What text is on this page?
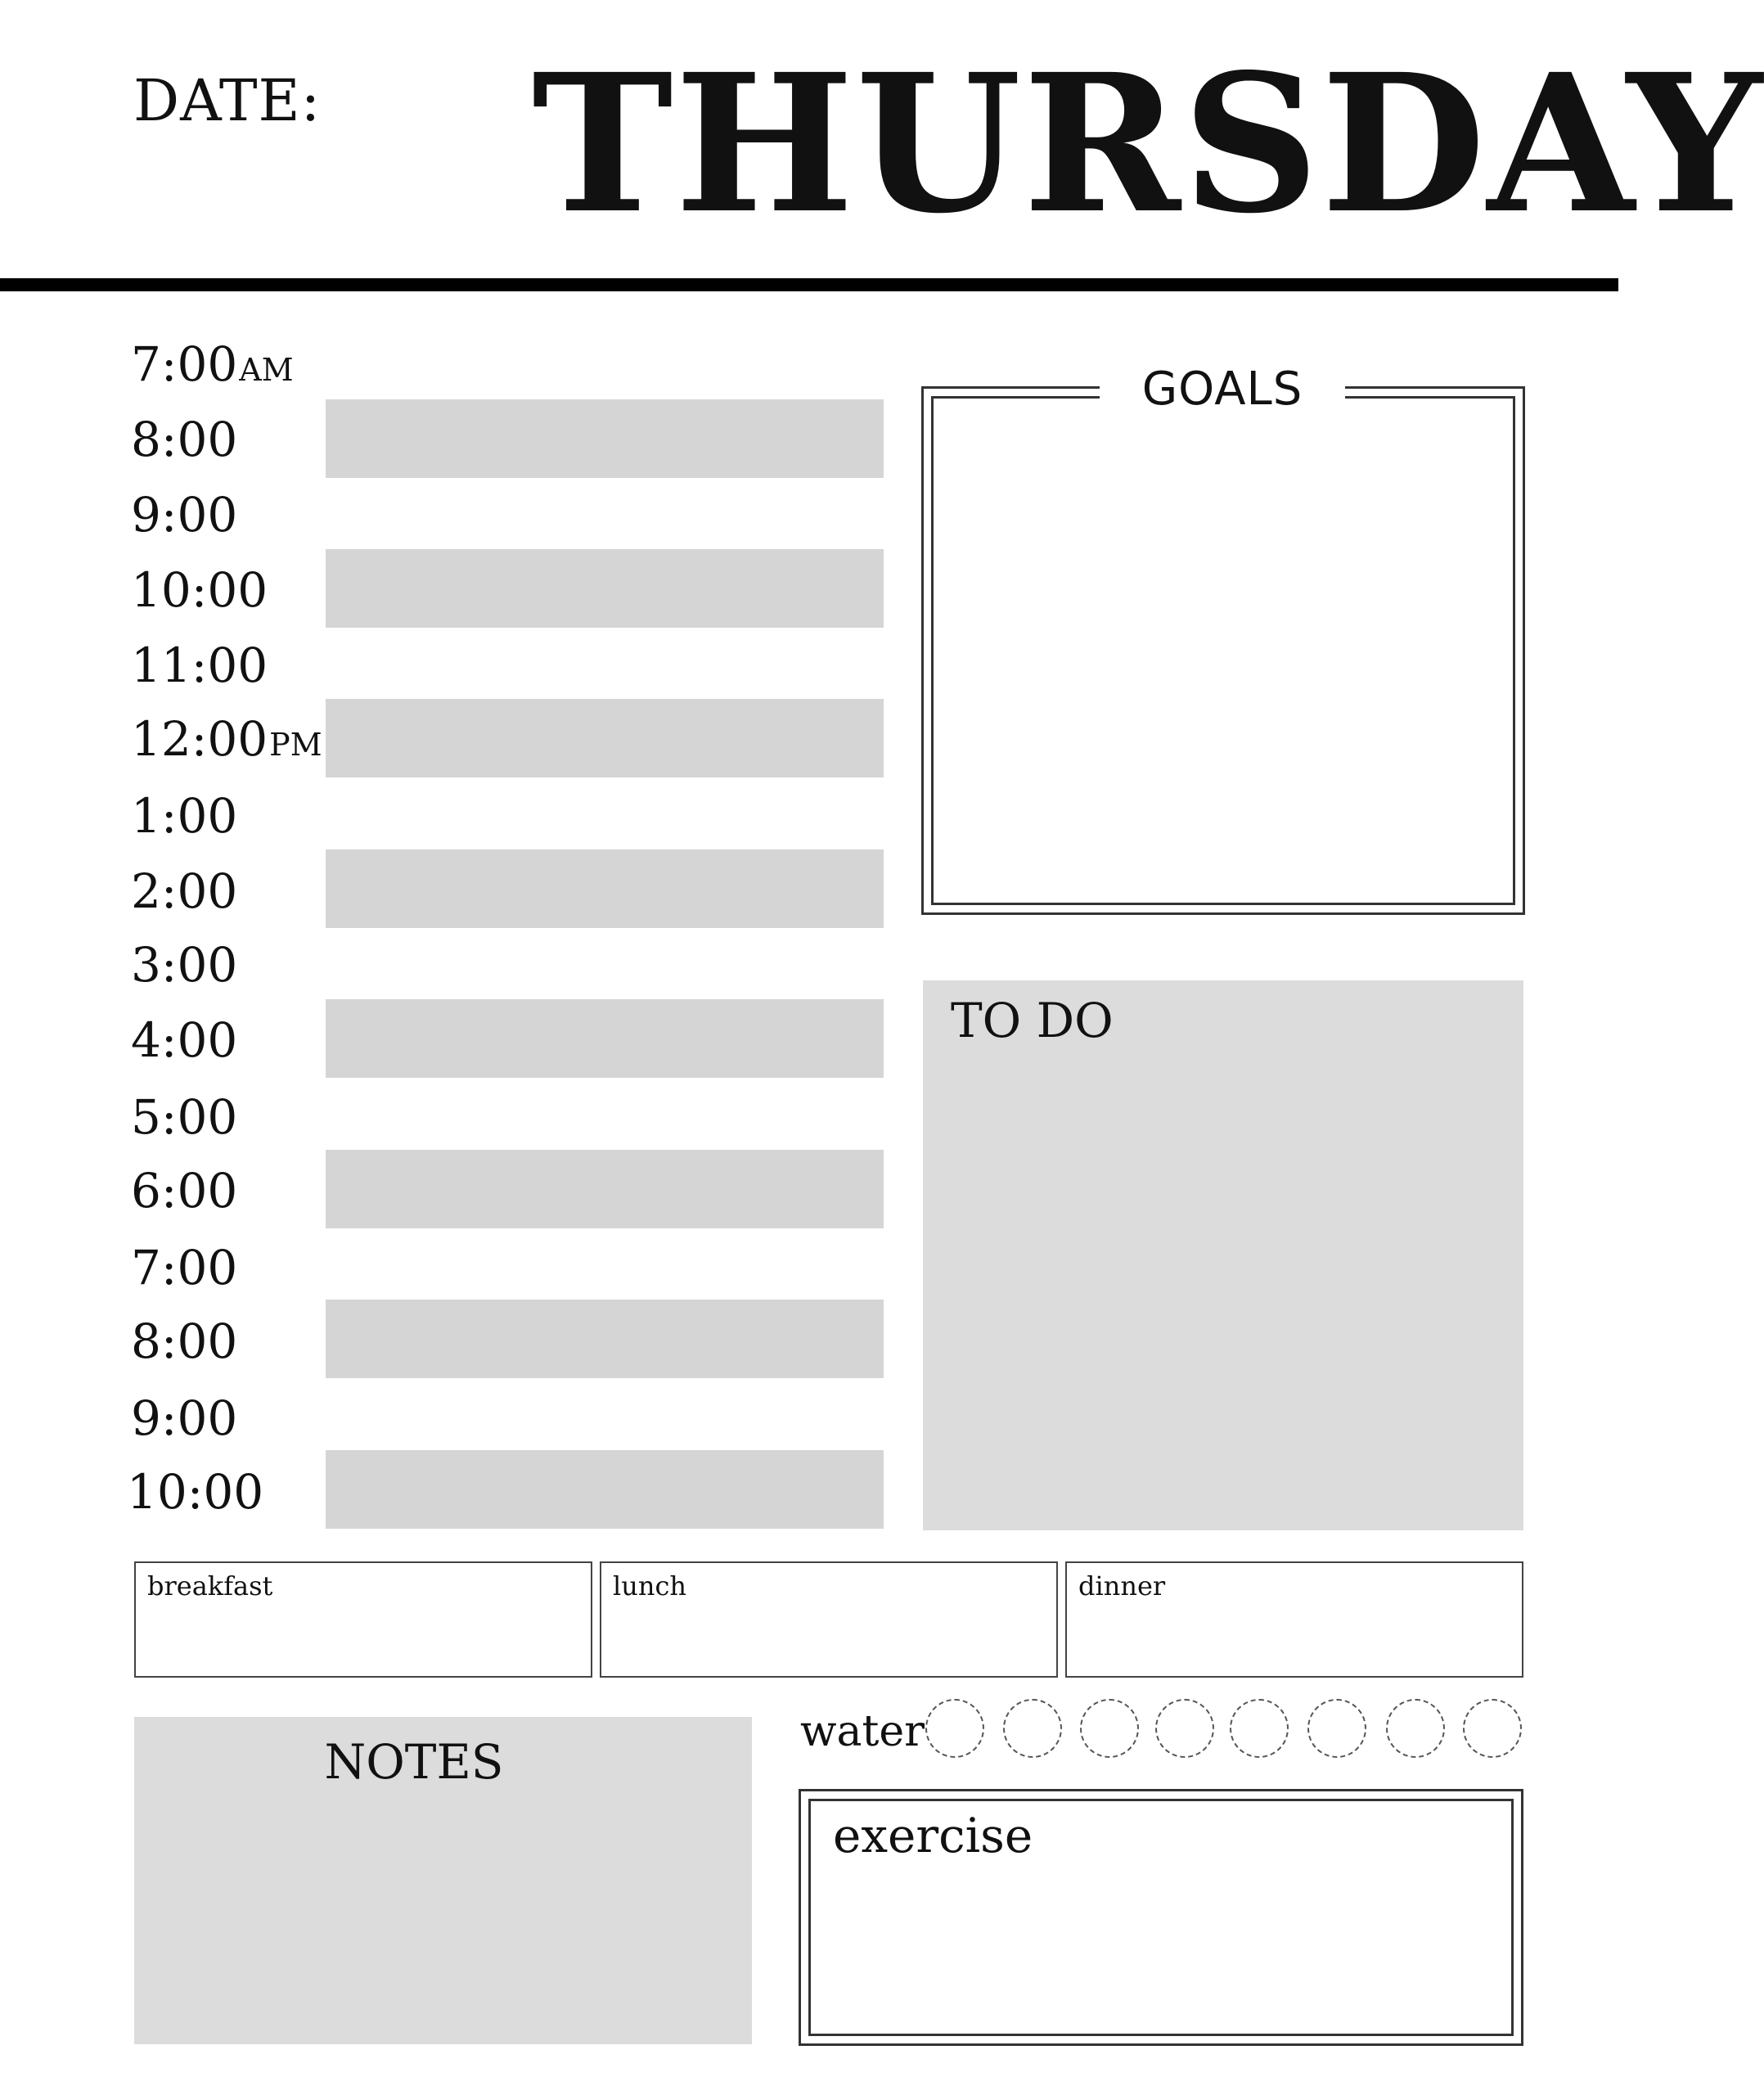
DATE: THURSDAY
7:00AM
8:00
9:00
10:00
11:00
12:00PM
1:00
2:00
3:00
4:00
5:00
6:00
7:00
8:00
9:00
10:00
GOALS
TO DO
breakfast	lunch	dinner
NOTES
water
exercise
